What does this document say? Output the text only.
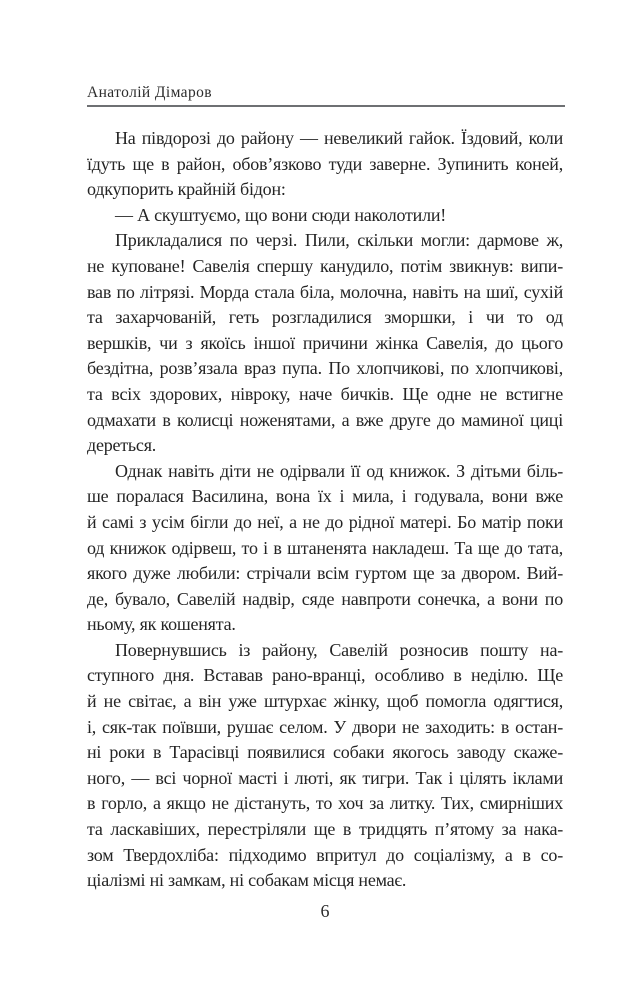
Анатолій Дімаров

На півдорозі до району — невеликий гайок. Їздовий, коли
їдуть ще в район, обов’язково туди заверне. Зупинить коней,
одкупорить крайній бідон:

— А скуштуємо, що вони сюди наколотили!

Прикладалися по черзі. Пили, скільки могли: дармове ж,
не куповане! Савелія спершу канудило, потім звикнув: випи-
вав по літрязі. Морда стала біла, молочна, навіть на шиї, сухій
та захарчованій, геть розгладилися зморшки, і чи то од
вершків, чи з якоїсь іншої причини жінка Савелія, до цього
бездітна, розв’язала враз пупа. По хлопчикові, по хлопчикові,
та всіх здорових, нівроку, наче бичків. Ще одне не встигне
одмахати в колисці ноженятами, а вже друге до маминої циці
дереться.

Однак навіть діти не одірвали її од книжок. З дітьми біль-
ше поралася Василина, вона їх і мила, і годувала, вони вже
й самі з усім бігли до неї, а не до рідної матері. Бо матір поки
од книжок одірвеш, то і в штаненята накладеш. Та ще до тата,
якого дуже любили: стрічали всім гуртом ще за двором. Вий-
де, бувало, Савелій надвір, сяде навпроти сонечка, а вони по
ньому, як кошенята.

Повернувшись із району, Савелій розносив пошту на-
ступного дня. Вставав рано-вранці, особливо в неділю. Ще
й не світає, а він уже штурхає жінку, щоб помогла одягтися,
і, сяк-так поївши, рушає селом. У двори не заходить: в остан-
ні роки в Тарасівці появилися собаки якогось заводу скаже-
ного, — всі чорної масті і люті, як тигри. Так і цілять іклами
в горло, а якщо не дістануть, то хоч за литку. Тих, смирніших
та ласкавіших, перестріляли ще в тридцять п’ятому за нака-
зом Твердохліба: підходимо впритул до соціалізму, а в со-
ціалізмі ні замкам, ні собакам місця немає.

6
